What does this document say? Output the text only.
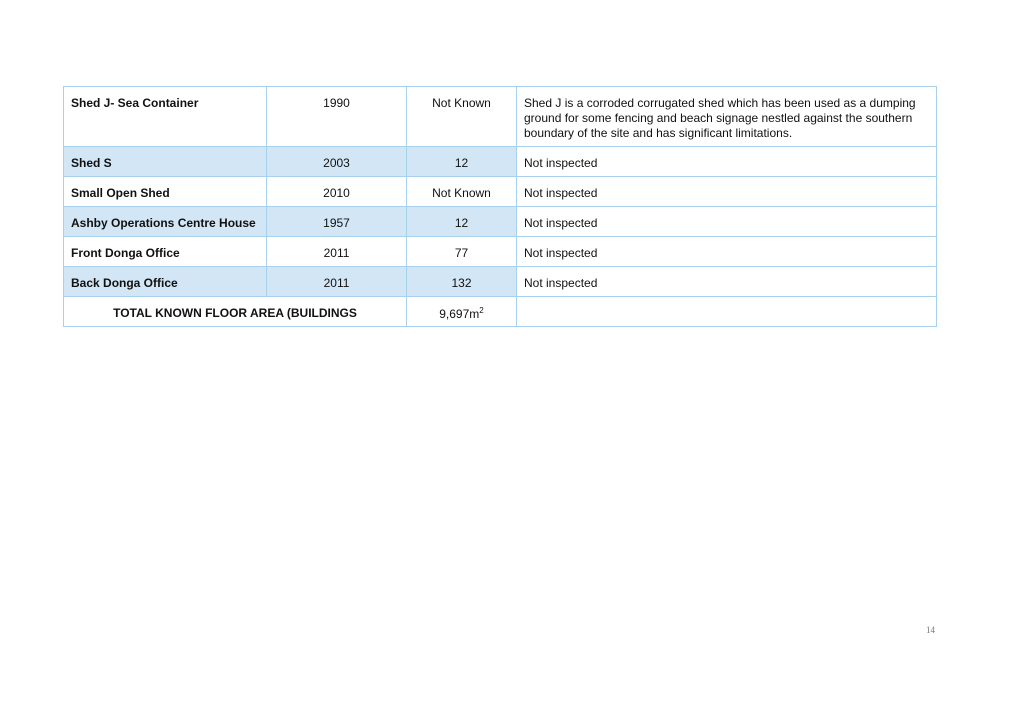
Shed J- Sea Container	1990	Not Known	Shed J is a corroded corrugated shed which has been used as a dumping ground for some fencing and beach signage nestled against the southern boundary of the site and has significant limitations.
Shed S	2003	12	Not inspected
Small Open Shed	2010	Not Known	Not inspected
Ashby Operations Centre House	1957	12	Not inspected
Front Donga Office	2011	77	Not inspected
Back Donga Office	2011	132	Not inspected
TOTAL KNOWN FLOOR AREA (BUILDINGS		$9,697m^2$	
14
